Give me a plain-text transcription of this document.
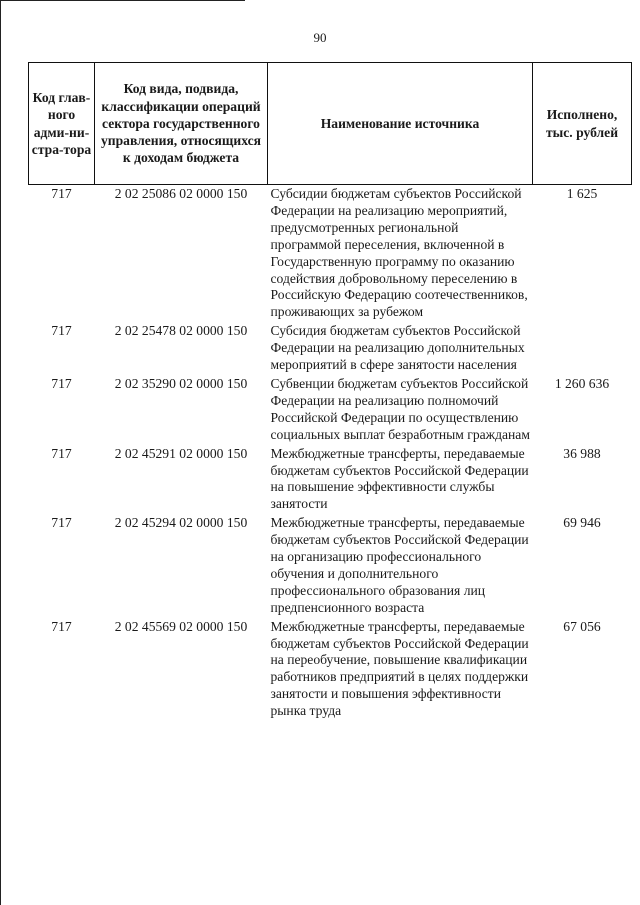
90
Код глав-ного адми-ни-стра-тора	Код вида, подвида, классификации операций сектора государственного управления, относящихся к доходам бюджета	Наименование источника	Исполнено, тыс. рублей
717	2 02 25086 02 0000 150	Субсидии бюджетам субъектов Российской Федерации на реализацию мероприятий, предусмотренных региональной программой переселения, включенной в Государственную программу по оказанию содействия добровольному переселению в Российскую Федерацию соотечественников, проживающих за рубежом	1 625
717	2 02 25478 02 0000 150	Субсидия бюджетам субъектов Российской Федерации на реализацию дополнительных мероприятий в сфере занятости населения	
717	2 02 35290 02 0000 150	Субвенции бюджетам субъектов Российской Федерации на реализацию полномочий Российской Федерации по осуществлению социальных выплат безработным гражданам	1 260 636
717	2 02 45291 02 0000 150	Межбюджетные трансферты, передаваемые бюджетам субъектов Российской Федерации на повышение эффективности службы занятости	36 988
717	2 02 45294 02 0000 150	Межбюджетные трансферты, передаваемые бюджетам субъектов Российской Федерации на организацию профессионального обучения и дополнительного профессионального образования лиц предпенсионного возраста	69 946
717	2 02 45569 02 0000 150	Межбюджетные трансферты, передаваемые бюджетам субъектов Российской Федерации на переобучение, повышение квалификации работников предприятий в целях поддержки занятости и повышения эффективности рынка труда	67 056
